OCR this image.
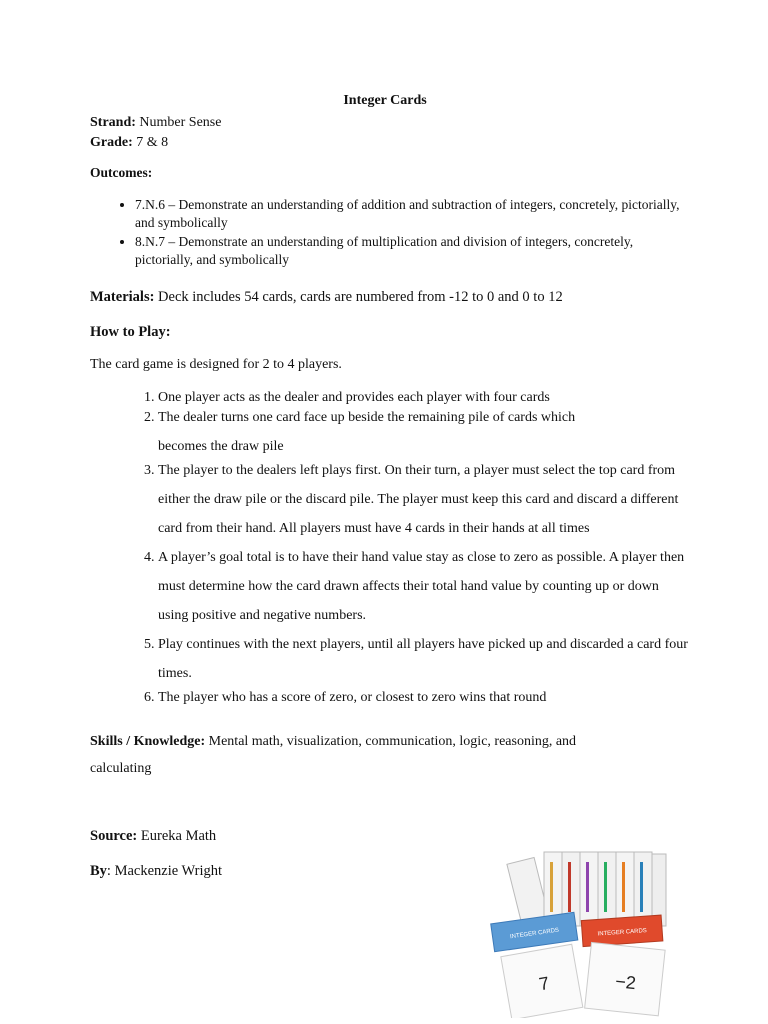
Integer Cards

Strand: Number Sense

Grade: 7 & 8

Outcomes:

• 7.N.6 – Demonstrate an understanding of addition and subtraction of integers, concretely, pictorially, and symbolically
• 8.N.7 – Demonstrate an understanding of multiplication and division of integers, concretely, pictorially, and symbolically

Materials: Deck includes 54 cards, cards are numbered from -12 to 0 and 0 to 12

How to Play:

The card game is designed for 2 to 4 players.

1. One player acts as the dealer and provides each player with four cards
2. The dealer turns one card face up beside the remaining pile of cards which
becomes the draw pile
3. The player to the dealers left plays first. On their turn, a player must select the top card from either the draw pile or the discard pile. The player must keep this card and discard a different card from their hand. All players must have 4 cards in their hands at all times
4. A player’s goal total is to have their hand value stay as close to zero as possible. A player then must determine how the card drawn affects their total hand value by counting up or down using positive and negative numbers.
5. Play continues with the next players, until all players have picked up and discarded a card four times.
6. The player who has a score of zero, or closest to zero wins that round

Skills / Knowledge: Mental math, visualization, communication, logic, reasoning, and calculating

Source: Eureka Math

By: Mackenzie Wright

INTEGER CARDS	INTEGER CARDS
7	−2
